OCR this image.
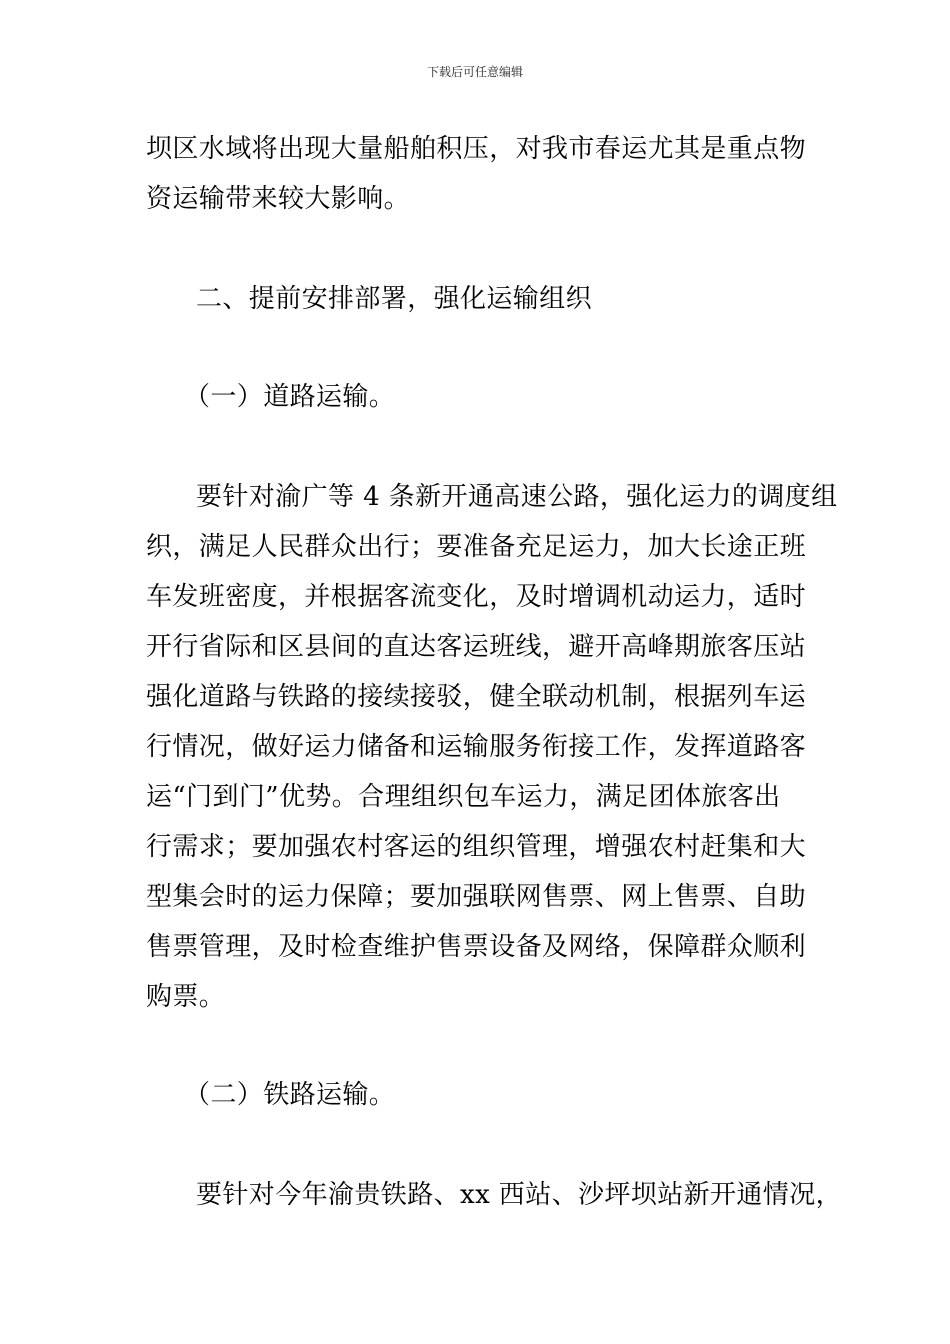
下载后可任意编辑
坝区水域将出现大量船舶积压，对我市春运尤其是重点物
资运输带来较大影响。
二、提前安排部署，强化运输组织
（一）道路运输。
要针对渝广等 4 条新开通高速公路，强化运力的调度组
织，满足人民群众出行；要准备充足运力，加大长途正班
车发班密度，并根据客流变化，及时增调机动运力，适时
开行省际和区县间的直达客运班线，避开高峰期旅客压站
强化道路与铁路的接续接驳，健全联动机制，根据列车运
行情况，做好运力储备和运输服务衔接工作，发挥道路客
运“门到门”优势。合理组织包车运力，满足团体旅客出
行需求；要加强农村客运的组织管理，增强农村赶集和大
型集会时的运力保障；要加强联网售票、网上售票、自助
售票管理，及时检查维护售票设备及网络，保障群众顺利
购票。
（二）铁路运输。
要针对今年渝贵铁路、xx 西站、沙坪坝站新开通情况，
